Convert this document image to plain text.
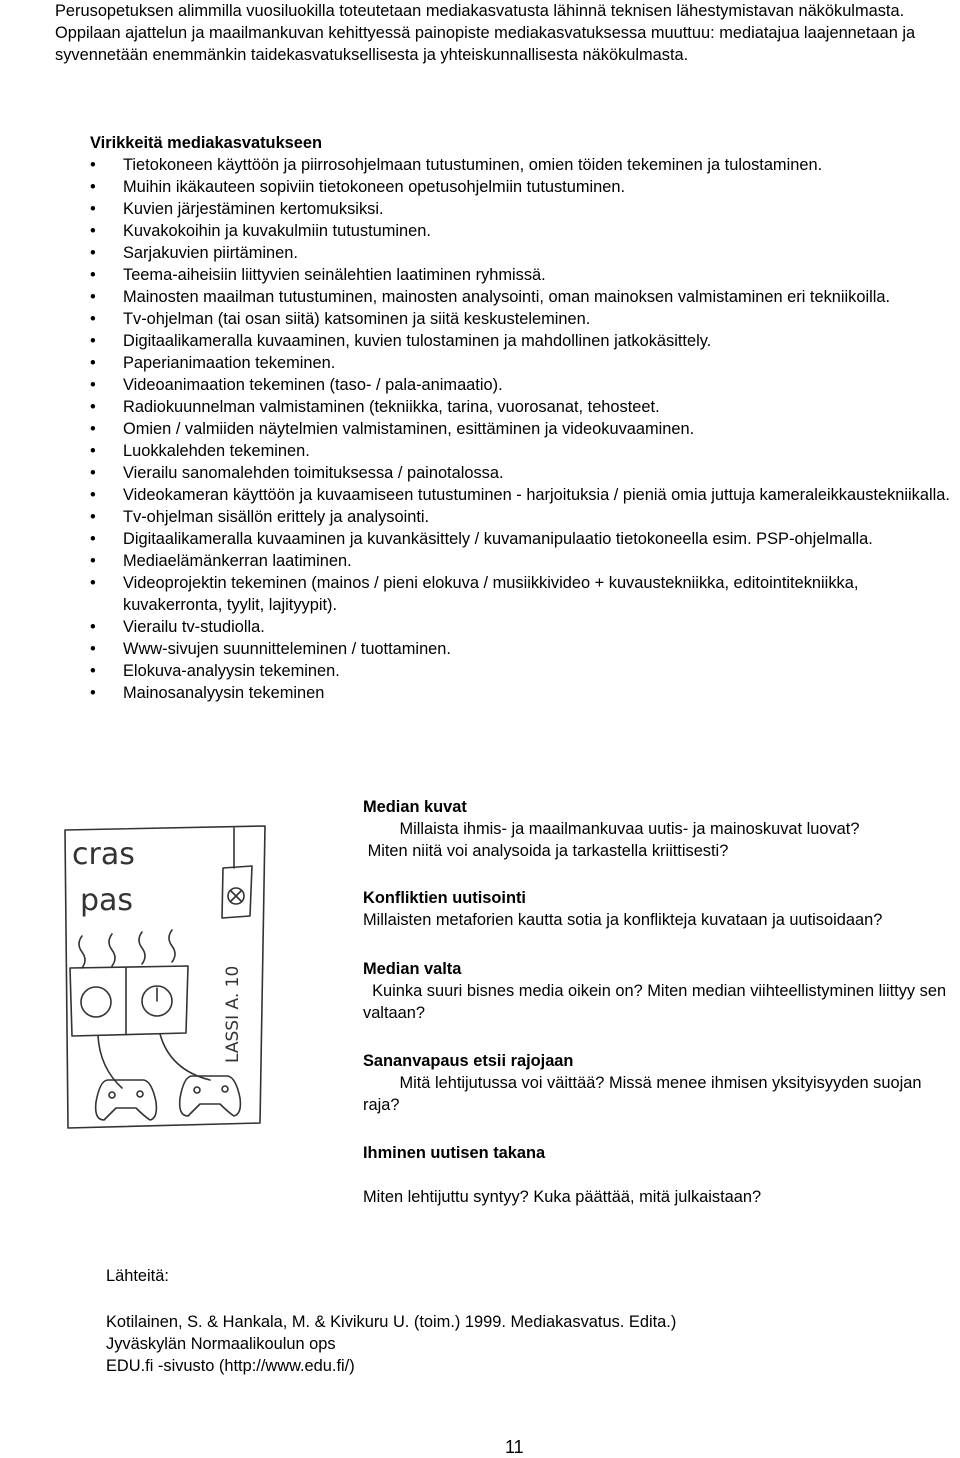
Perusopetuksen alimmilla vuosiluokilla toteutetaan mediakasvatusta lähinnä teknisen lähestymistavan näkökulmasta. Oppilaan ajattelun ja maailmankuvan kehittyessä painopiste mediakasvatuksessa muuttuu: mediatajua laajennetaan ja syvennetään enemmänkin taidekasvatuksellisesta ja yhteiskunnallisesta näkökulmasta.

Virikkeitä mediakasvatukseen
• Tietokoneen käyttöön ja piirrosohjelmaan tutustuminen, omien töiden tekeminen ja tulostaminen.
• Muihin ikäkauteen sopiviin tietokoneen opetusohjelmiin tutustuminen.
• Kuvien järjestäminen kertomuksiksi.
• Kuvakokoihin ja kuvakulmiin tutustuminen.
• Sarjakuvien piirtäminen.
• Teema-aiheisiin liittyvien seinälehtien laatiminen ryhmissä.
• Mainosten maailman tutustuminen, mainosten analysointi, oman mainoksen valmistaminen eri tekniikoilla.
• Tv-ohjelman (tai osan siitä) katsominen ja siitä keskusteleminen.
• Digitaalikameralla kuvaaminen, kuvien tulostaminen ja mahdollinen jatkokäsittely.
• Paperianimaation tekeminen.
• Videoanimaation tekeminen (taso- / pala-animaatio).
• Radiokuunnelman valmistaminen (tekniikka, tarina, vuorosanat, tehosteet.
• Omien / valmiiden näytelmien valmistaminen, esittäminen ja videokuvaaminen.
• Luokkalehden tekeminen.
• Vierailu sanomalehden toimituksessa / painotalossa.
• Videokameran käyttöön ja kuvaamiseen tutustuminen - harjoituksia / pieniä omia juttuja kameraleikkaustekniikalla.
• Tv-ohjelman sisällön erittely ja analysointi.
• Digitaalikameralla kuvaaminen ja kuvankäsittely / kuvamanipulaatio tietokoneella esim. PSP-ohjelmalla.
• Mediaelämänkerran laatiminen.
• Videoprojektin tekeminen (mainos / pieni elokuva / musiikkivideo + kuvaustekniikka, editointitekniikka, kuvakerronta, tyylit, lajityypit).
• Vierailu tv-studiolla.
• Www-sivujen suunnitteleminen / tuottaminen.
• Elokuva-analyysin tekeminen.
• Mainosanalyysin tekeminen
cras
pas
LASSI A. 10
Median kuvat

Millaista ihmis- ja maailmankuvaa uutis- ja mainoskuvat luovat?
Miten niitä voi analysoida ja tarkastella kriittisesti?

Konfliktien uutisointi

Millaisten metaforien kautta sotia ja konflikteja kuvataan ja uutisoidaan?

Median valta

Kuinka suuri bisnes media oikein on? Miten median viihteellistyminen liittyy sen valtaan?

Sananvapaus etsii rajojaan

Mitä lehtijutussa voi väittää? Missä menee ihmisen yksityisyyden suojan raja?

Ihminen uutisen takana

Miten lehtijuttu syntyy? Kuka päättää, mitä julkaistaan?

Lähteitä:

Kotilainen, S. & Hankala, M. & Kivikuru U. (toim.) 1999. Mediakasvatus. Edita.)
Jyväskylän Normaalikoulun ops
EDU.fi -sivusto (http://www.edu.fi/)

11
